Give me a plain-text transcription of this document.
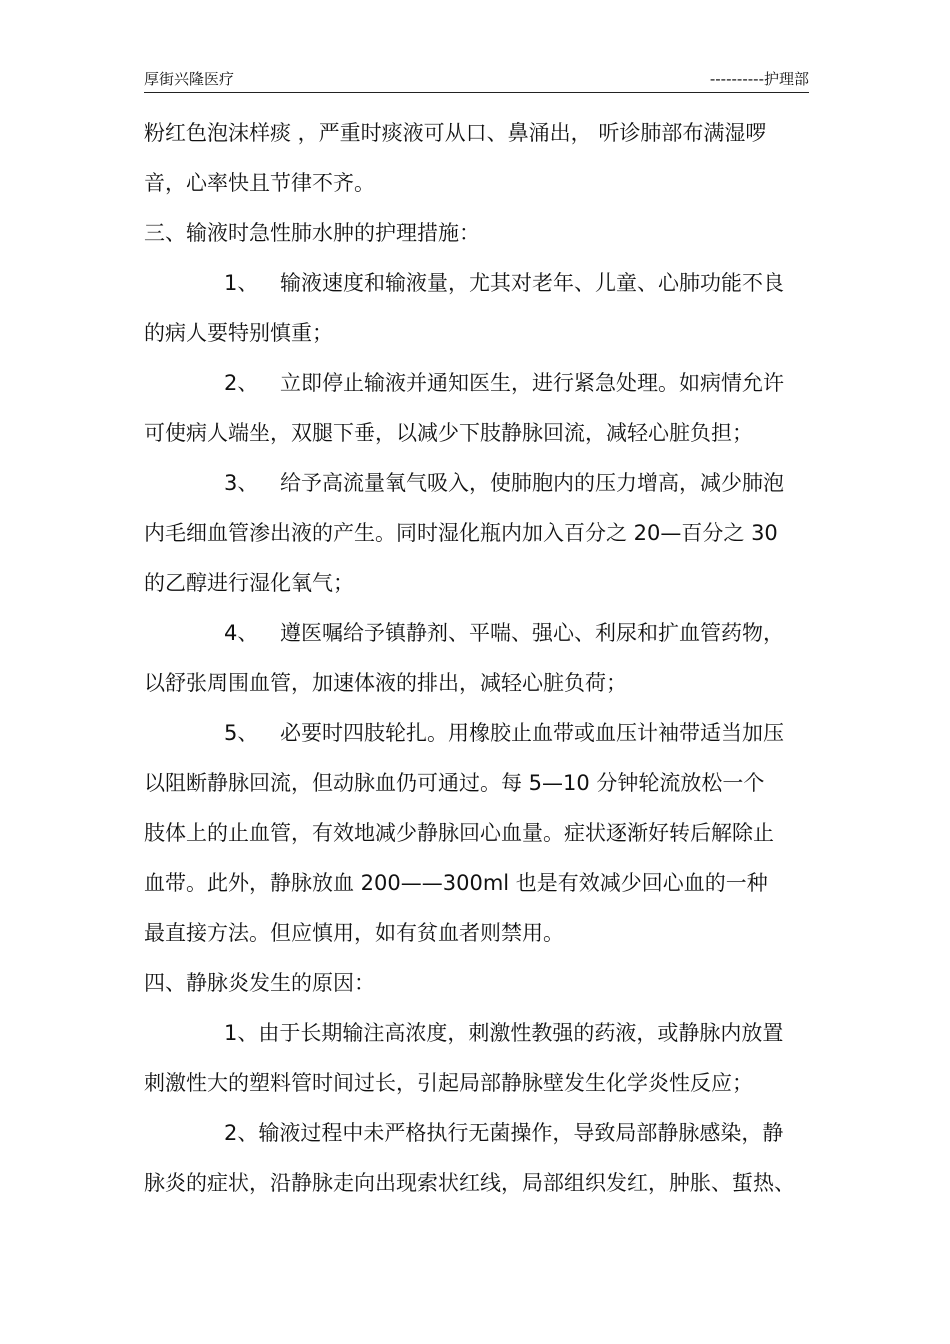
厚街兴隆医疗	----------护理部
粉红色泡沫样痰 ，严重时痰液可从口、鼻涌出， 听诊肺部布满湿啰
音，心率快且节律不齐。
三、输液时急性肺水肿的护理措施：
1、 输液速度和输液量，尤其对老年、儿童、心肺功能不良
的病人要特别慎重；
2、 立即停止输液并通知医生，进行紧急处理。如病情允许
可使病人端坐，双腿下垂，以减少下肢静脉回流，减轻心脏负担；
3、 给予高流量氧气吸入，使肺胞内的压力增高，减少肺泡
内毛细血管渗出液的产生。同时湿化瓶内加入百分之 20—百分之 30
的乙醇进行湿化氧气；
4、 遵医嘱给予镇静剂、平喘、强心、利尿和扩血管药物，
以舒张周围血管，加速体液的排出，减轻心脏负荷；
5、 必要时四肢轮扎。用橡胶止血带或血压计袖带适当加压
以阻断静脉回流，但动脉血仍可通过。每 5—10 分钟轮流放松一个
肢体上的止血管，有效地减少静脉回心血量。症状逐渐好转后解除止
血带。此外，静脉放血 200——300ml 也是有效减少回心血的一种
最直接方法。但应慎用，如有贫血者则禁用。
四、静脉炎发生的原因：
1、由于长期输注高浓度，刺激性教强的药液，或静脉内放置
刺激性大的塑料管时间过长，引起局部静脉壁发生化学炎性反应；
2、输液过程中未严格执行无菌操作，导致局部静脉感染，静
脉炎的症状，沿静脉走向出现索状红线，局部组织发红，肿胀、蜇热、
